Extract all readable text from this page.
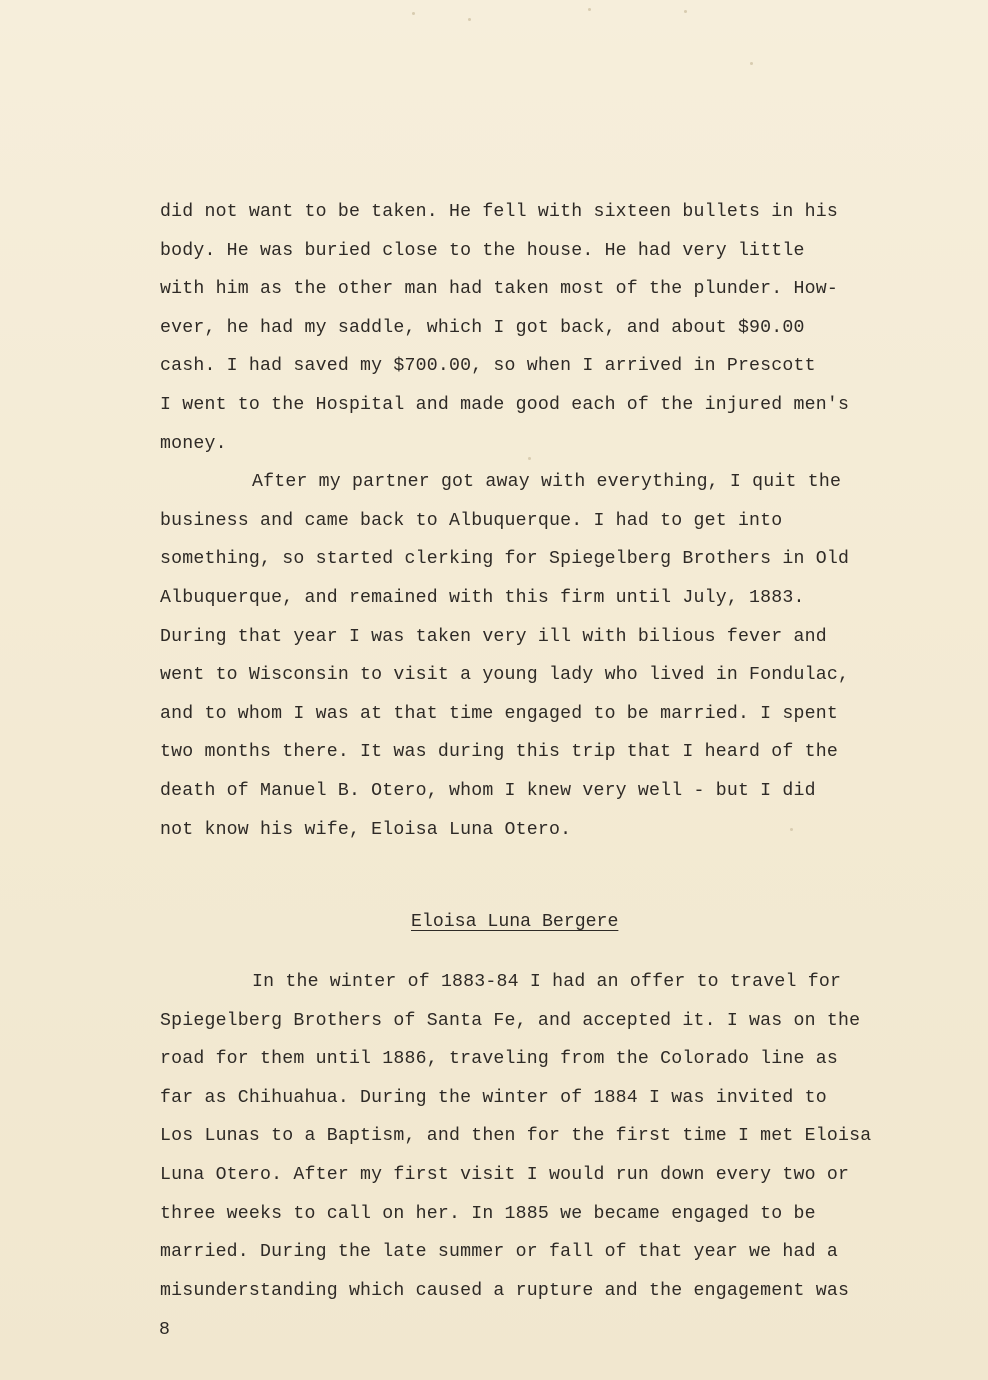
did not want to be taken. He fell with sixteen bullets in his
body. He was buried close to the house. He had very little
with him as the other man had taken most of the plunder. How-
ever, he had my saddle, which I got back, and about $90.00
cash. I had saved my $700.00, so when I arrived in Prescott
I went to the Hospital and made good each of the injured men's
money.
After my partner got away with everything, I quit the
business and came back to Albuquerque. I had to get into
something, so started clerking for Spiegelberg Brothers in Old
Albuquerque, and remained with this firm until July, 1883.
During that year I was taken very ill with bilious fever and
went to Wisconsin to visit a young lady who lived in Fondulac,
and to whom I was at that time engaged to be married. I spent
two months there. It was during this trip that I heard of the
death of Manuel B. Otero, whom I knew very well - but I did
not know his wife, Eloisa Luna Otero.
Eloisa Luna Bergere
In the winter of 1883-84 I had an offer to travel for
Spiegelberg Brothers of Santa Fe, and accepted it. I was on the
road for them until 1886, traveling from the Colorado line as
far as Chihuahua. During the winter of 1884 I was invited to
Los Lunas to a Baptism, and then for the first time I met Eloisa
Luna Otero. After my first visit I would run down every two or
three weeks to call on her. In 1885 we became engaged to be
married. During the late summer or fall of that year we had a
misunderstanding which caused a rupture and the engagement was
8
